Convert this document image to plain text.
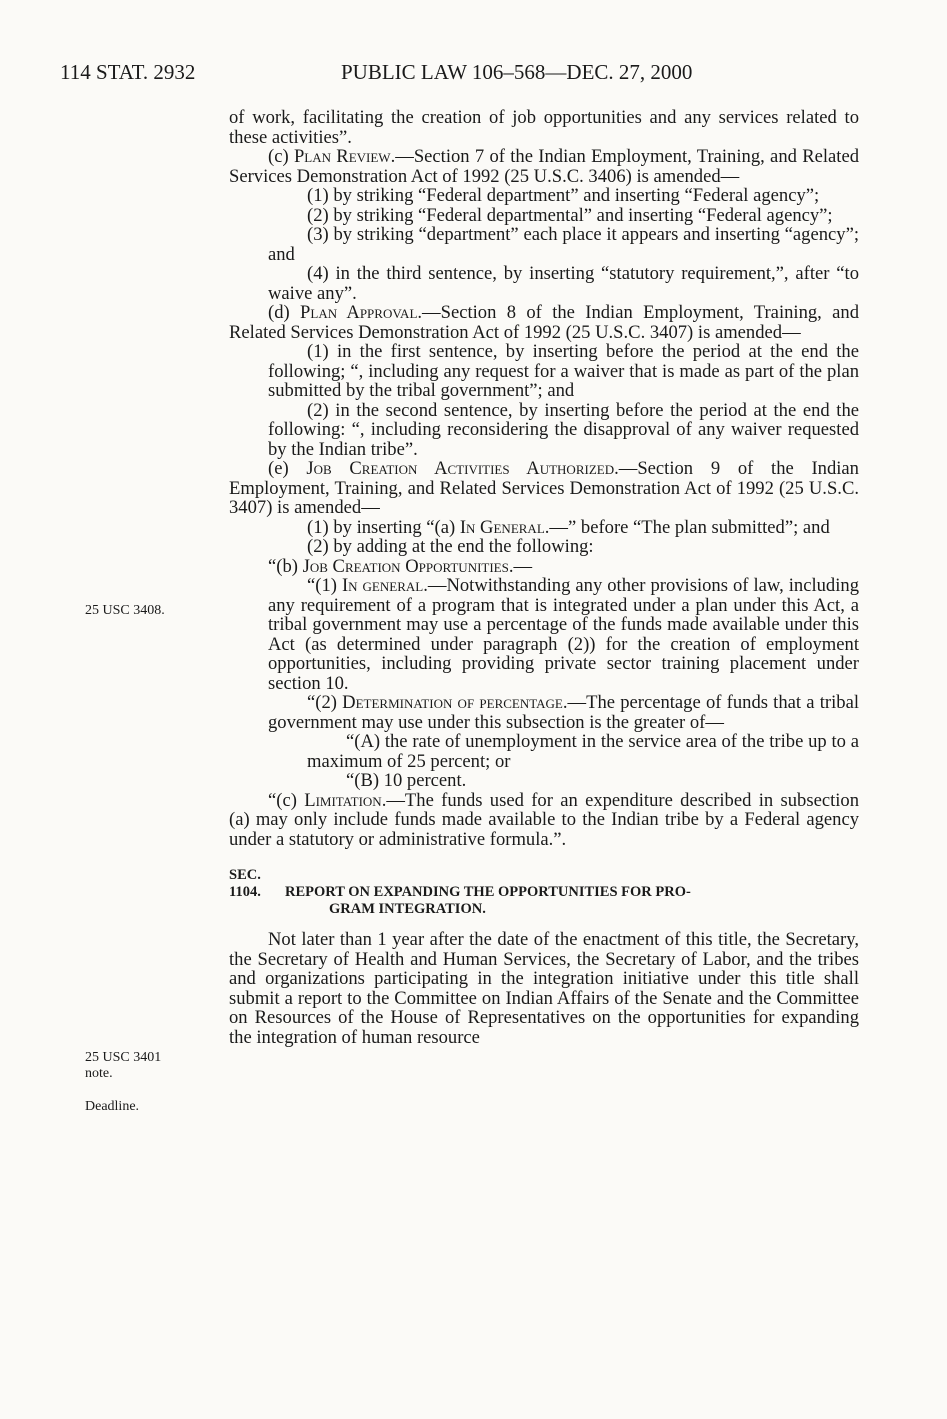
114 STAT. 2932	PUBLIC LAW 106–568—DEC. 27, 2000
25 USC 3408.
25 USC 3401
note.
Deadline.

of work, facilitating the creation of job opportunities and any services related to these activities”.

(c) Plan Review.—Section 7 of the Indian Employment, Training, and Related Services Demonstration Act of 1992 (25 U.S.C. 3406) is amended—

(1) by striking “Federal department” and inserting “Federal agency”;

(2) by striking “Federal departmental” and inserting “Federal agency”;

(3) by striking “department” each place it appears and inserting “agency”; and

(4) in the third sentence, by inserting “statutory requirement,”, after “to waive any”.

(d) Plan Approval.—Section 8 of the Indian Employment, Training, and Related Services Demonstration Act of 1992 (25 U.S.C. 3407) is amended—

(1) in the first sentence, by inserting before the period at the end the following; “, including any request for a waiver that is made as part of the plan submitted by the tribal government”; and

(2) in the second sentence, by inserting before the period at the end the following: “, including reconsidering the disapproval of any waiver requested by the Indian tribe”.

(e) Job Creation Activities Authorized.—Section 9 of the Indian Employment, Training, and Related Services Demonstration Act of 1992 (25 U.S.C. 3407) is amended—

(1) by inserting “(a) In General.—” before “The plan submitted”; and

(2) by adding at the end the following:

“(b) Job Creation Opportunities.—

“(1) In general.—Notwithstanding any other provisions of law, including any requirement of a program that is integrated under a plan under this Act, a tribal government may use a percentage of the funds made available under this Act (as determined under paragraph (2)) for the creation of employment opportunities, including providing private sector training placement under section 10.

“(2) Determination of percentage.—The percentage of funds that a tribal government may use under this subsection is the greater of—

“(A) the rate of unemployment in the service area of the tribe up to a maximum of 25 percent; or

“(B) 10 percent.

“(c) Limitation.—The funds used for an expenditure described in subsection (a) may only include funds made available to the Indian tribe by a Federal agency under a statutory or administrative formula.”.

SEC. 1104. REPORT ON EXPANDING THE OPPORTUNITIES FOR PRO-
GRAM INTEGRATION.

Not later than 1 year after the date of the enactment of this title, the Secretary, the Secretary of Health and Human Services, the Secretary of Labor, and the tribes and organizations participating in the integration initiative under this title shall submit a report to the Committee on Indian Affairs of the Senate and the Committee on Resources of the House of Representatives on the opportunities for expanding the integration of human resource
